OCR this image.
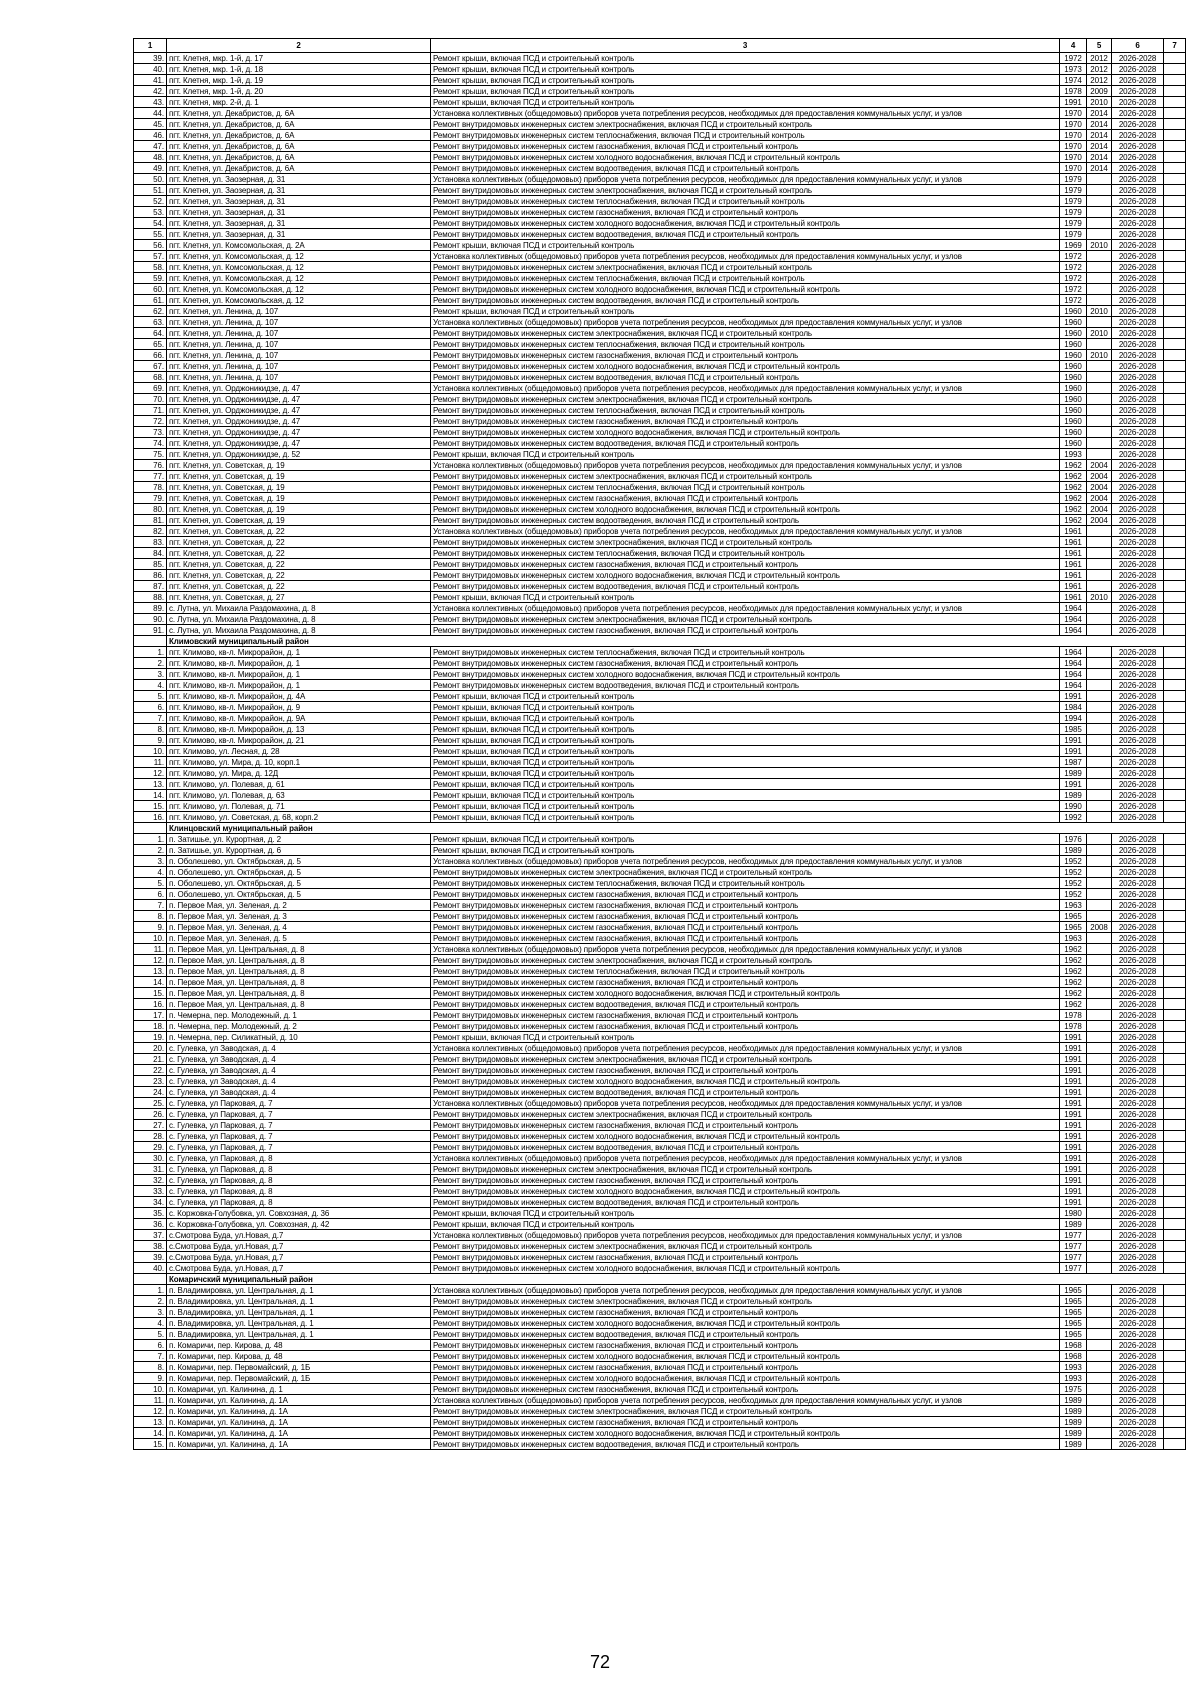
1	2	3	4	5	6	7
39.	пгт. Клетня, мкр. 1-й, д. 17	Ремонт крыши, включая ПСД и строительный контроль	1972	2012	2026-2028	
40.	пгт. Клетня, мкр. 1-й, д. 18	Ремонт крыши, включая ПСД и строительный контроль	1973	2012	2026-2028	
41.	пгт. Клетня, мкр. 1-й, д. 19	Ремонт крыши, включая ПСД и строительный контроль	1974	2012	2026-2028	
42.	пгт. Клетня, мкр. 1-й, д. 20	Ремонт крыши, включая ПСД и строительный контроль	1978	2009	2026-2028	
43.	пгт. Клетня, мкр. 2-й, д. 1	Ремонт крыши, включая ПСД и строительный контроль	1991	2010	2026-2028	
44.	пгт. Клетня, ул. Декабристов, д. 6А	Установка коллективных (общедомовых) приборов учета потребления ресурсов, необходимых для предоставления коммунальных услуг, и узлов	1970	2014	2026-2028	
45.	пгт. Клетня, ул. Декабристов, д. 6А	Ремонт внутридомовых инженерных систем электроснабжения, включая ПСД и строительный контроль	1970	2014	2026-2028	
46.	пгт. Клетня, ул. Декабристов, д. 6А	Ремонт внутридомовых инженерных систем теплоснабжения, включая ПСД и строительный контроль	1970	2014	2026-2028	
47.	пгт. Клетня, ул. Декабристов, д. 6А	Ремонт внутридомовых инженерных систем газоснабжения, включая ПСД и строительный контроль	1970	2014	2026-2028	
48.	пгт. Клетня, ул. Декабристов, д. 6А	Ремонт внутридомовых инженерных систем холодного водоснабжения, включая ПСД и строительный контроль	1970	2014	2026-2028	
49.	пгт. Клетня, ул. Декабристов, д. 6А	Ремонт внутридомовых инженерных систем водоотведения, включая ПСД и строительный контроль	1970	2014	2026-2028	
50.	пгт. Клетня, ул. Заозерная, д. 31	Установка коллективных (общедомовых) приборов учета потребления ресурсов, необходимых для предоставления коммунальных услуг, и узлов	1979		2026-2028	
51.	пгт. Клетня, ул. Заозерная, д. 31	Ремонт внутридомовых инженерных систем электроснабжения, включая ПСД и строительный контроль	1979		2026-2028	
52.	пгт. Клетня, ул. Заозерная, д. 31	Ремонт внутридомовых инженерных систем теплоснабжения, включая ПСД и строительный контроль	1979		2026-2028	
53.	пгт. Клетня, ул. Заозерная, д. 31	Ремонт внутридомовых инженерных систем газоснабжения, включая ПСД и строительный контроль	1979		2026-2028	
54.	пгт. Клетня, ул. Заозерная, д. 31	Ремонт внутридомовых инженерных систем холодного водоснабжения, включая ПСД и строительный контроль	1979		2026-2028	
55.	пгт. Клетня, ул. Заозерная, д. 31	Ремонт внутридомовых инженерных систем водоотведения, включая ПСД и строительный контроль	1979		2026-2028	
56.	пгт. Клетня, ул. Комсомольская, д. 2А	Ремонт крыши, включая ПСД и строительный контроль	1969	2010	2026-2028	
57.	пгт. Клетня, ул. Комсомольская, д. 12	Установка коллективных (общедомовых) приборов учета потребления ресурсов, необходимых для предоставления коммунальных услуг, и узлов	1972		2026-2028	
58.	пгт. Клетня, ул. Комсомольская, д. 12	Ремонт внутридомовых инженерных систем электроснабжения, включая ПСД и строительный контроль	1972		2026-2028	
59.	пгт. Клетня, ул. Комсомольская, д. 12	Ремонт внутридомовых инженерных систем теплоснабжения, включая ПСД и строительный контроль	1972		2026-2028	
60.	пгт. Клетня, ул. Комсомольская, д. 12	Ремонт внутридомовых инженерных систем холодного водоснабжения, включая ПСД и строительный контроль	1972		2026-2028	
61.	пгт. Клетня, ул. Комсомольская, д. 12	Ремонт внутридомовых инженерных систем водоотведения, включая ПСД и строительный контроль	1972		2026-2028	
62.	пгт. Клетня, ул. Ленина, д. 107	Ремонт крыши, включая ПСД и строительный контроль	1960	2010	2026-2028	
63.	пгт. Клетня, ул. Ленина, д. 107	Установка коллективных (общедомовых) приборов учета потребления ресурсов, необходимых для предоставления коммунальных услуг, и узлов	1960		2026-2028	
64.	пгт. Клетня, ул. Ленина, д. 107	Ремонт внутридомовых инженерных систем электроснабжения, включая ПСД и строительный контроль	1960	2010	2026-2028	
65.	пгт. Клетня, ул. Ленина, д. 107	Ремонт внутридомовых инженерных систем теплоснабжения, включая ПСД и строительный контроль	1960		2026-2028	
66.	пгт. Клетня, ул. Ленина, д. 107	Ремонт внутридомовых инженерных систем газоснабжения, включая ПСД и строительный контроль	1960	2010	2026-2028	
67.	пгт. Клетня, ул. Ленина, д. 107	Ремонт внутридомовых инженерных систем холодного водоснабжения, включая ПСД и строительный контроль	1960		2026-2028	
68.	пгт. Клетня, ул. Ленина, д. 107	Ремонт внутридомовых инженерных систем водоотведения, включая ПСД и строительный контроль	1960		2026-2028	
69.	пгт. Клетня, ул. Орджоникидзе, д. 47	Установка коллективных (общедомовых) приборов учета потребления ресурсов, необходимых для предоставления коммунальных услуг, и узлов	1960		2026-2028	
70.	пгт. Клетня, ул. Орджоникидзе, д. 47	Ремонт внутридомовых инженерных систем электроснабжения, включая ПСД и строительный контроль	1960		2026-2028	
71.	пгт. Клетня, ул. Орджоникидзе, д. 47	Ремонт внутридомовых инженерных систем теплоснабжения, включая ПСД и строительный контроль	1960		2026-2028	
72.	пгт. Клетня, ул. Орджоникидзе, д. 47	Ремонт внутридомовых инженерных систем газоснабжения, включая ПСД и строительный контроль	1960		2026-2028	
73.	пгт. Клетня, ул. Орджоникидзе, д. 47	Ремонт внутридомовых инженерных систем холодного водоснабжения, включая ПСД и строительный контроль	1960		2026-2028	
74.	пгт. Клетня, ул. Орджоникидзе, д. 47	Ремонт внутридомовых инженерных систем водоотведения, включая ПСД и строительный контроль	1960		2026-2028	
75.	пгт. Клетня, ул. Орджоникидзе, д. 52	Ремонт крыши, включая ПСД и строительный контроль	1993		2026-2028	
76.	пгт. Клетня, ул. Советская, д. 19	Установка коллективных (общедомовых) приборов учета потребления ресурсов, необходимых для предоставления коммунальных услуг, и узлов	1962	2004	2026-2028	
77.	пгт. Клетня, ул. Советская, д. 19	Ремонт внутридомовых инженерных систем электроснабжения, включая ПСД и строительный контроль	1962	2004	2026-2028	
78.	пгт. Клетня, ул. Советская, д. 19	Ремонт внутридомовых инженерных систем теплоснабжения, включая ПСД и строительный контроль	1962	2004	2026-2028	
79.	пгт. Клетня, ул. Советская, д. 19	Ремонт внутридомовых инженерных систем газоснабжения, включая ПСД и строительный контроль	1962	2004	2026-2028	
80.	пгт. Клетня, ул. Советская, д. 19	Ремонт внутридомовых инженерных систем холодного водоснабжения, включая ПСД и строительный контроль	1962	2004	2026-2028	
81.	пгт. Клетня, ул. Советская, д. 19	Ремонт внутридомовых инженерных систем водоотведения, включая ПСД и строительный контроль	1962	2004	2026-2028	
82.	пгт. Клетня, ул. Советская, д. 22	Установка коллективных (общедомовых) приборов учета потребления ресурсов, необходимых для предоставления коммунальных услуг, и узлов	1961		2026-2028	
83.	пгт. Клетня, ул. Советская, д. 22	Ремонт внутридомовых инженерных систем электроснабжения, включая ПСД и строительный контроль	1961		2026-2028	
84.	пгт. Клетня, ул. Советская, д. 22	Ремонт внутридомовых инженерных систем теплоснабжения, включая ПСД и строительный контроль	1961		2026-2028	
85.	пгт. Клетня, ул. Советская, д. 22	Ремонт внутридомовых инженерных систем газоснабжения, включая ПСД и строительный контроль	1961		2026-2028	
86.	пгт. Клетня, ул. Советская, д. 22	Ремонт внутридомовых инженерных систем холодного водоснабжения, включая ПСД и строительный контроль	1961		2026-2028	
87.	пгт. Клетня, ул. Советская, д. 22	Ремонт внутридомовых инженерных систем водоотведения, включая ПСД и строительный контроль	1961		2026-2028	
88.	пгт. Клетня, ул. Советская, д. 27	Ремонт крыши, включая ПСД и строительный контроль	1961	2010	2026-2028	
89.	с. Лутна, ул. Михаила Раздомахина, д. 8	Установка коллективных (общедомовых) приборов учета потребления ресурсов, необходимых для предоставления коммунальных услуг, и узлов	1964		2026-2028	
90.	с. Лутна, ул. Михаила Раздомахина, д. 8	Ремонт внутридомовых инженерных систем электроснабжения, включая ПСД и строительный контроль	1964		2026-2028	
91.	с. Лутна, ул. Михаила Раздомахина, д. 8	Ремонт внутридомовых инженерных систем газоснабжения, включая ПСД и строительный контроль	1964		2026-2028	
	Климовский муниципальный район					
1.	пгт. Климово, кв-л. Микрорайон, д. 1	Ремонт внутридомовых инженерных систем теплоснабжения, включая ПСД и строительный контроль	1964		2026-2028	
2.	пгт. Климово, кв-л. Микрорайон, д. 1	Ремонт внутридомовых инженерных систем газоснабжения, включая ПСД и строительный контроль	1964		2026-2028	
3.	пгт. Климово, кв-л. Микрорайон, д. 1	Ремонт внутридомовых инженерных систем холодного водоснабжения, включая ПСД и строительный контроль	1964		2026-2028	
4.	пгт. Климово, кв-л. Микрорайон, д. 1	Ремонт внутридомовых инженерных систем водоотведения, включая ПСД и строительный контроль	1964		2026-2028	
5.	пгт. Климово, кв-л. Микрорайон, д. 4А	Ремонт крыши, включая ПСД и строительный контроль	1991		2026-2028	
6.	пгт. Климово, кв-л. Микрорайон, д. 9	Ремонт крыши, включая ПСД и строительный контроль	1984		2026-2028	
7.	пгт. Климово, кв-л. Микрорайон, д. 9А	Ремонт крыши, включая ПСД и строительный контроль	1994		2026-2028	
8.	пгт. Климово, кв-л. Микрорайон, д. 13	Ремонт крыши, включая ПСД и строительный контроль	1985		2026-2028	
9.	пгт. Климово, кв-л. Микрорайон, д. 21	Ремонт крыши, включая ПСД и строительный контроль	1991		2026-2028	
10.	пгт. Климово, ул. Лесная, д. 28	Ремонт крыши, включая ПСД и строительный контроль	1991		2026-2028	
11.	пгт. Климово, ул. Мира, д. 10, корп.1	Ремонт крыши, включая ПСД и строительный контроль	1987		2026-2028	
12.	пгт. Климово, ул. Мира, д. 12Д	Ремонт крыши, включая ПСД и строительный контроль	1989		2026-2028	
13.	пгт. Климово, ул. Полевая, д. 61	Ремонт крыши, включая ПСД и строительный контроль	1991		2026-2028	
14.	пгт. Климово, ул. Полевая, д. 63	Ремонт крыши, включая ПСД и строительный контроль	1989		2026-2028	
15.	пгт. Климово, ул. Полевая, д. 71	Ремонт крыши, включая ПСД и строительный контроль	1990		2026-2028	
16.	пгт. Климово, ул. Советская, д. 68, корп.2	Ремонт крыши, включая ПСД и строительный контроль	1992		2026-2028	
	Клинцовский муниципальный район					
1.	п. Затишье, ул. Курортная, д. 2	Ремонт крыши, включая ПСД и строительный контроль	1976		2026-2028	
2.	п. Затишье, ул. Курортная, д. 6	Ремонт крыши, включая ПСД и строительный контроль	1989		2026-2028	
3.	п. Оболешево, ул. Октябрьская, д. 5	Установка коллективных (общедомовых) приборов учета потребления ресурсов, необходимых для предоставления коммунальных услуг, и узлов	1952		2026-2028	
4.	п. Оболешево, ул. Октябрьская, д. 5	Ремонт внутридомовых инженерных систем электроснабжения, включая ПСД и строительный контроль	1952		2026-2028	
5.	п. Оболешево, ул. Октябрьская, д. 5	Ремонт внутридомовых инженерных систем теплоснабжения, включая ПСД и строительный контроль	1952		2026-2028	
6.	п. Оболешево, ул. Октябрьская, д. 5	Ремонт внутридомовых инженерных систем газоснабжения, включая ПСД и строительный контроль	1952		2026-2028	
7.	п. Первое Мая, ул. Зеленая, д. 2	Ремонт внутридомовых инженерных систем газоснабжения, включая ПСД и строительный контроль	1963		2026-2028	
8.	п. Первое Мая, ул. Зеленая, д. 3	Ремонт внутридомовых инженерных систем газоснабжения, включая ПСД и строительный контроль	1965		2026-2028	
9.	п. Первое Мая, ул. Зеленая, д. 4	Ремонт внутридомовых инженерных систем газоснабжения, включая ПСД и строительный контроль	1965	2008	2026-2028	
10.	п. Первое Мая, ул. Зеленая, д. 5	Ремонт внутридомовых инженерных систем газоснабжения, включая ПСД и строительный контроль	1963		2026-2028	
11.	п. Первое Мая, ул. Центральная, д. 8	Установка коллективных (общедомовых) приборов учета потребления ресурсов, необходимых для предоставления коммунальных услуг, и узлов	1962		2026-2028	
12.	п. Первое Мая, ул. Центральная, д. 8	Ремонт внутридомовых инженерных систем электроснабжения, включая ПСД и строительный контроль	1962		2026-2028	
13.	п. Первое Мая, ул. Центральная, д. 8	Ремонт внутридомовых инженерных систем теплоснабжения, включая ПСД и строительный контроль	1962		2026-2028	
14.	п. Первое Мая, ул. Центральная, д. 8	Ремонт внутридомовых инженерных систем газоснабжения, включая ПСД и строительный контроль	1962		2026-2028	
15.	п. Первое Мая, ул. Центральная, д. 8	Ремонт внутридомовых инженерных систем холодного водоснабжения, включая ПСД и строительный контроль	1962		2026-2028	
16.	п. Первое Мая, ул. Центральная, д. 8	Ремонт внутридомовых инженерных систем водоотведения, включая ПСД и строительный контроль	1962		2026-2028	
17.	п. Чемерна, пер. Молодежный, д. 1	Ремонт внутридомовых инженерных систем газоснабжения, включая ПСД и строительный контроль	1978		2026-2028	
18.	п. Чемерна, пер. Молодежный, д. 2	Ремонт внутридомовых инженерных систем газоснабжения, включая ПСД и строительный контроль	1978		2026-2028	
19.	п. Чемерна, пер. Силикатный, д. 10	Ремонт крыши, включая ПСД и строительный контроль	1991		2026-2028	
20.	с. Гулевка, ул Заводская, д. 4	Установка коллективных (общедомовых) приборов учета потребления ресурсов, необходимых для предоставления коммунальных услуг, и узлов	1991		2026-2028	
21.	с. Гулевка, ул Заводская, д. 4	Ремонт внутридомовых инженерных систем электроснабжения, включая ПСД и строительный контроль	1991		2026-2028	
22.	с. Гулевка, ул Заводская, д. 4	Ремонт внутридомовых инженерных систем газоснабжения, включая ПСД и строительный контроль	1991		2026-2028	
23.	с. Гулевка, ул Заводская, д. 4	Ремонт внутридомовых инженерных систем холодного водоснабжения, включая ПСД и строительный контроль	1991		2026-2028	
24.	с. Гулевка, ул Заводская, д. 4	Ремонт внутридомовых инженерных систем водоотведения, включая ПСД и строительный контроль	1991		2026-2028	
25.	с. Гулевка, ул Парковая, д. 7	Установка коллективных (общедомовых) приборов учета потребления ресурсов, необходимых для предоставления коммунальных услуг, и узлов	1991		2026-2028	
26.	с. Гулевка, ул Парковая, д. 7	Ремонт внутридомовых инженерных систем электроснабжения, включая ПСД и строительный контроль	1991		2026-2028	
27.	с. Гулевка, ул Парковая, д. 7	Ремонт внутридомовых инженерных систем газоснабжения, включая ПСД и строительный контроль	1991		2026-2028	
28.	с. Гулевка, ул Парковая, д. 7	Ремонт внутридомовых инженерных систем холодного водоснабжения, включая ПСД и строительный контроль	1991		2026-2028	
29.	с. Гулевка, ул Парковая, д. 7	Ремонт внутридомовых инженерных систем водоотведения, включая ПСД и строительный контроль	1991		2026-2028	
30.	с. Гулевка, ул Парковая, д. 8	Установка коллективных (общедомовых) приборов учета потребления ресурсов, необходимых для предоставления коммунальных услуг, и узлов	1991		2026-2028	
31.	с. Гулевка, ул Парковая, д. 8	Ремонт внутридомовых инженерных систем электроснабжения, включая ПСД и строительный контроль	1991		2026-2028	
32.	с. Гулевка, ул Парковая, д. 8	Ремонт внутридомовых инженерных систем газоснабжения, включая ПСД и строительный контроль	1991		2026-2028	
33.	с. Гулевка, ул Парковая, д. 8	Ремонт внутридомовых инженерных систем холодного водоснабжения, включая ПСД и строительный контроль	1991		2026-2028	
34.	с. Гулевка, ул Парковая, д. 8	Ремонт внутридомовых инженерных систем водоотведения, включая ПСД и строительный контроль	1991		2026-2028	
35.	с. Коржовка-Голубовка, ул. Совхозная, д. 36	Ремонт крыши, включая ПСД и строительный контроль	1980		2026-2028	
36.	с. Коржовка-Голубовка, ул. Совхозная, д. 42	Ремонт крыши, включая ПСД и строительный контроль	1989		2026-2028	
37.	с.Смотрова Буда, ул.Новая, д.7	Установка коллективных (общедомовых) приборов учета потребления ресурсов, необходимых для предоставления коммунальных услуг, и узлов	1977		2026-2028	
38.	с.Смотрова Буда, ул.Новая, д.7	Ремонт внутридомовых инженерных систем электроснабжения, включая ПСД и строительный контроль	1977		2026-2028	
39.	с.Смотрова Буда, ул.Новая, д.7	Ремонт внутридомовых инженерных систем газоснабжения, включая ПСД и строительный контроль	1977		2026-2028	
40.	с.Смотрова Буда, ул.Новая, д.7	Ремонт внутридомовых инженерных систем холодного водоснабжения, включая ПСД и строительный контроль	1977		2026-2028	
	Комаричский муниципальный район					
1.	п. Владимировка, ул. Центральная, д. 1	Установка коллективных (общедомовых) приборов учета потребления ресурсов, необходимых для предоставления коммунальных услуг, и узлов	1965		2026-2028	
2.	п. Владимировка, ул. Центральная, д. 1	Ремонт внутридомовых инженерных систем электроснабжения, включая ПСД и строительный контроль	1965		2026-2028	
3.	п. Владимировка, ул. Центральная, д. 1	Ремонт внутридомовых инженерных систем газоснабжения, включая ПСД и строительный контроль	1965		2026-2028	
4.	п. Владимировка, ул. Центральная, д. 1	Ремонт внутридомовых инженерных систем холодного водоснабжения, включая ПСД и строительный контроль	1965		2026-2028	
5.	п. Владимировка, ул. Центральная, д. 1	Ремонт внутридомовых инженерных систем водоотведения, включая ПСД и строительный контроль	1965		2026-2028	
6.	п. Комаричи, пер. Кирова, д. 48	Ремонт внутридомовых инженерных систем газоснабжения, включая ПСД и строительный контроль	1968		2026-2028	
7.	п. Комаричи, пер. Кирова, д. 48	Ремонт внутридомовых инженерных систем холодного водоснабжения, включая ПСД и строительный контроль	1968		2026-2028	
8.	п. Комаричи, пер. Первомайский, д. 1Б	Ремонт внутридомовых инженерных систем газоснабжения, включая ПСД и строительный контроль	1993		2026-2028	
9.	п. Комаричи, пер. Первомайский, д. 1Б	Ремонт внутридомовых инженерных систем холодного водоснабжения, включая ПСД и строительный контроль	1993		2026-2028	
10.	п. Комаричи, ул. Калинина, д. 1	Ремонт внутридомовых инженерных систем газоснабжения, включая ПСД и строительный контроль	1975		2026-2028	
11.	п. Комаричи, ул. Калинина, д. 1А	Установка коллективных (общедомовых) приборов учета потребления ресурсов, необходимых для предоставления коммунальных услуг, и узлов	1989		2026-2028	
12.	п. Комаричи, ул. Калинина, д. 1А	Ремонт внутридомовых инженерных систем электроснабжения, включая ПСД и строительный контроль	1989		2026-2028	
13.	п. Комаричи, ул. Калинина, д. 1А	Ремонт внутридомовых инженерных систем газоснабжения, включая ПСД и строительный контроль	1989		2026-2028	
14.	п. Комаричи, ул. Калинина, д. 1А	Ремонт внутридомовых инженерных систем холодного водоснабжения, включая ПСД и строительный контроль	1989		2026-2028	
15.	п. Комаричи, ул. Калинина, д. 1А	Ремонт внутридомовых инженерных систем водоотведения, включая ПСД и строительный контроль	1989		2026-2028	
72
